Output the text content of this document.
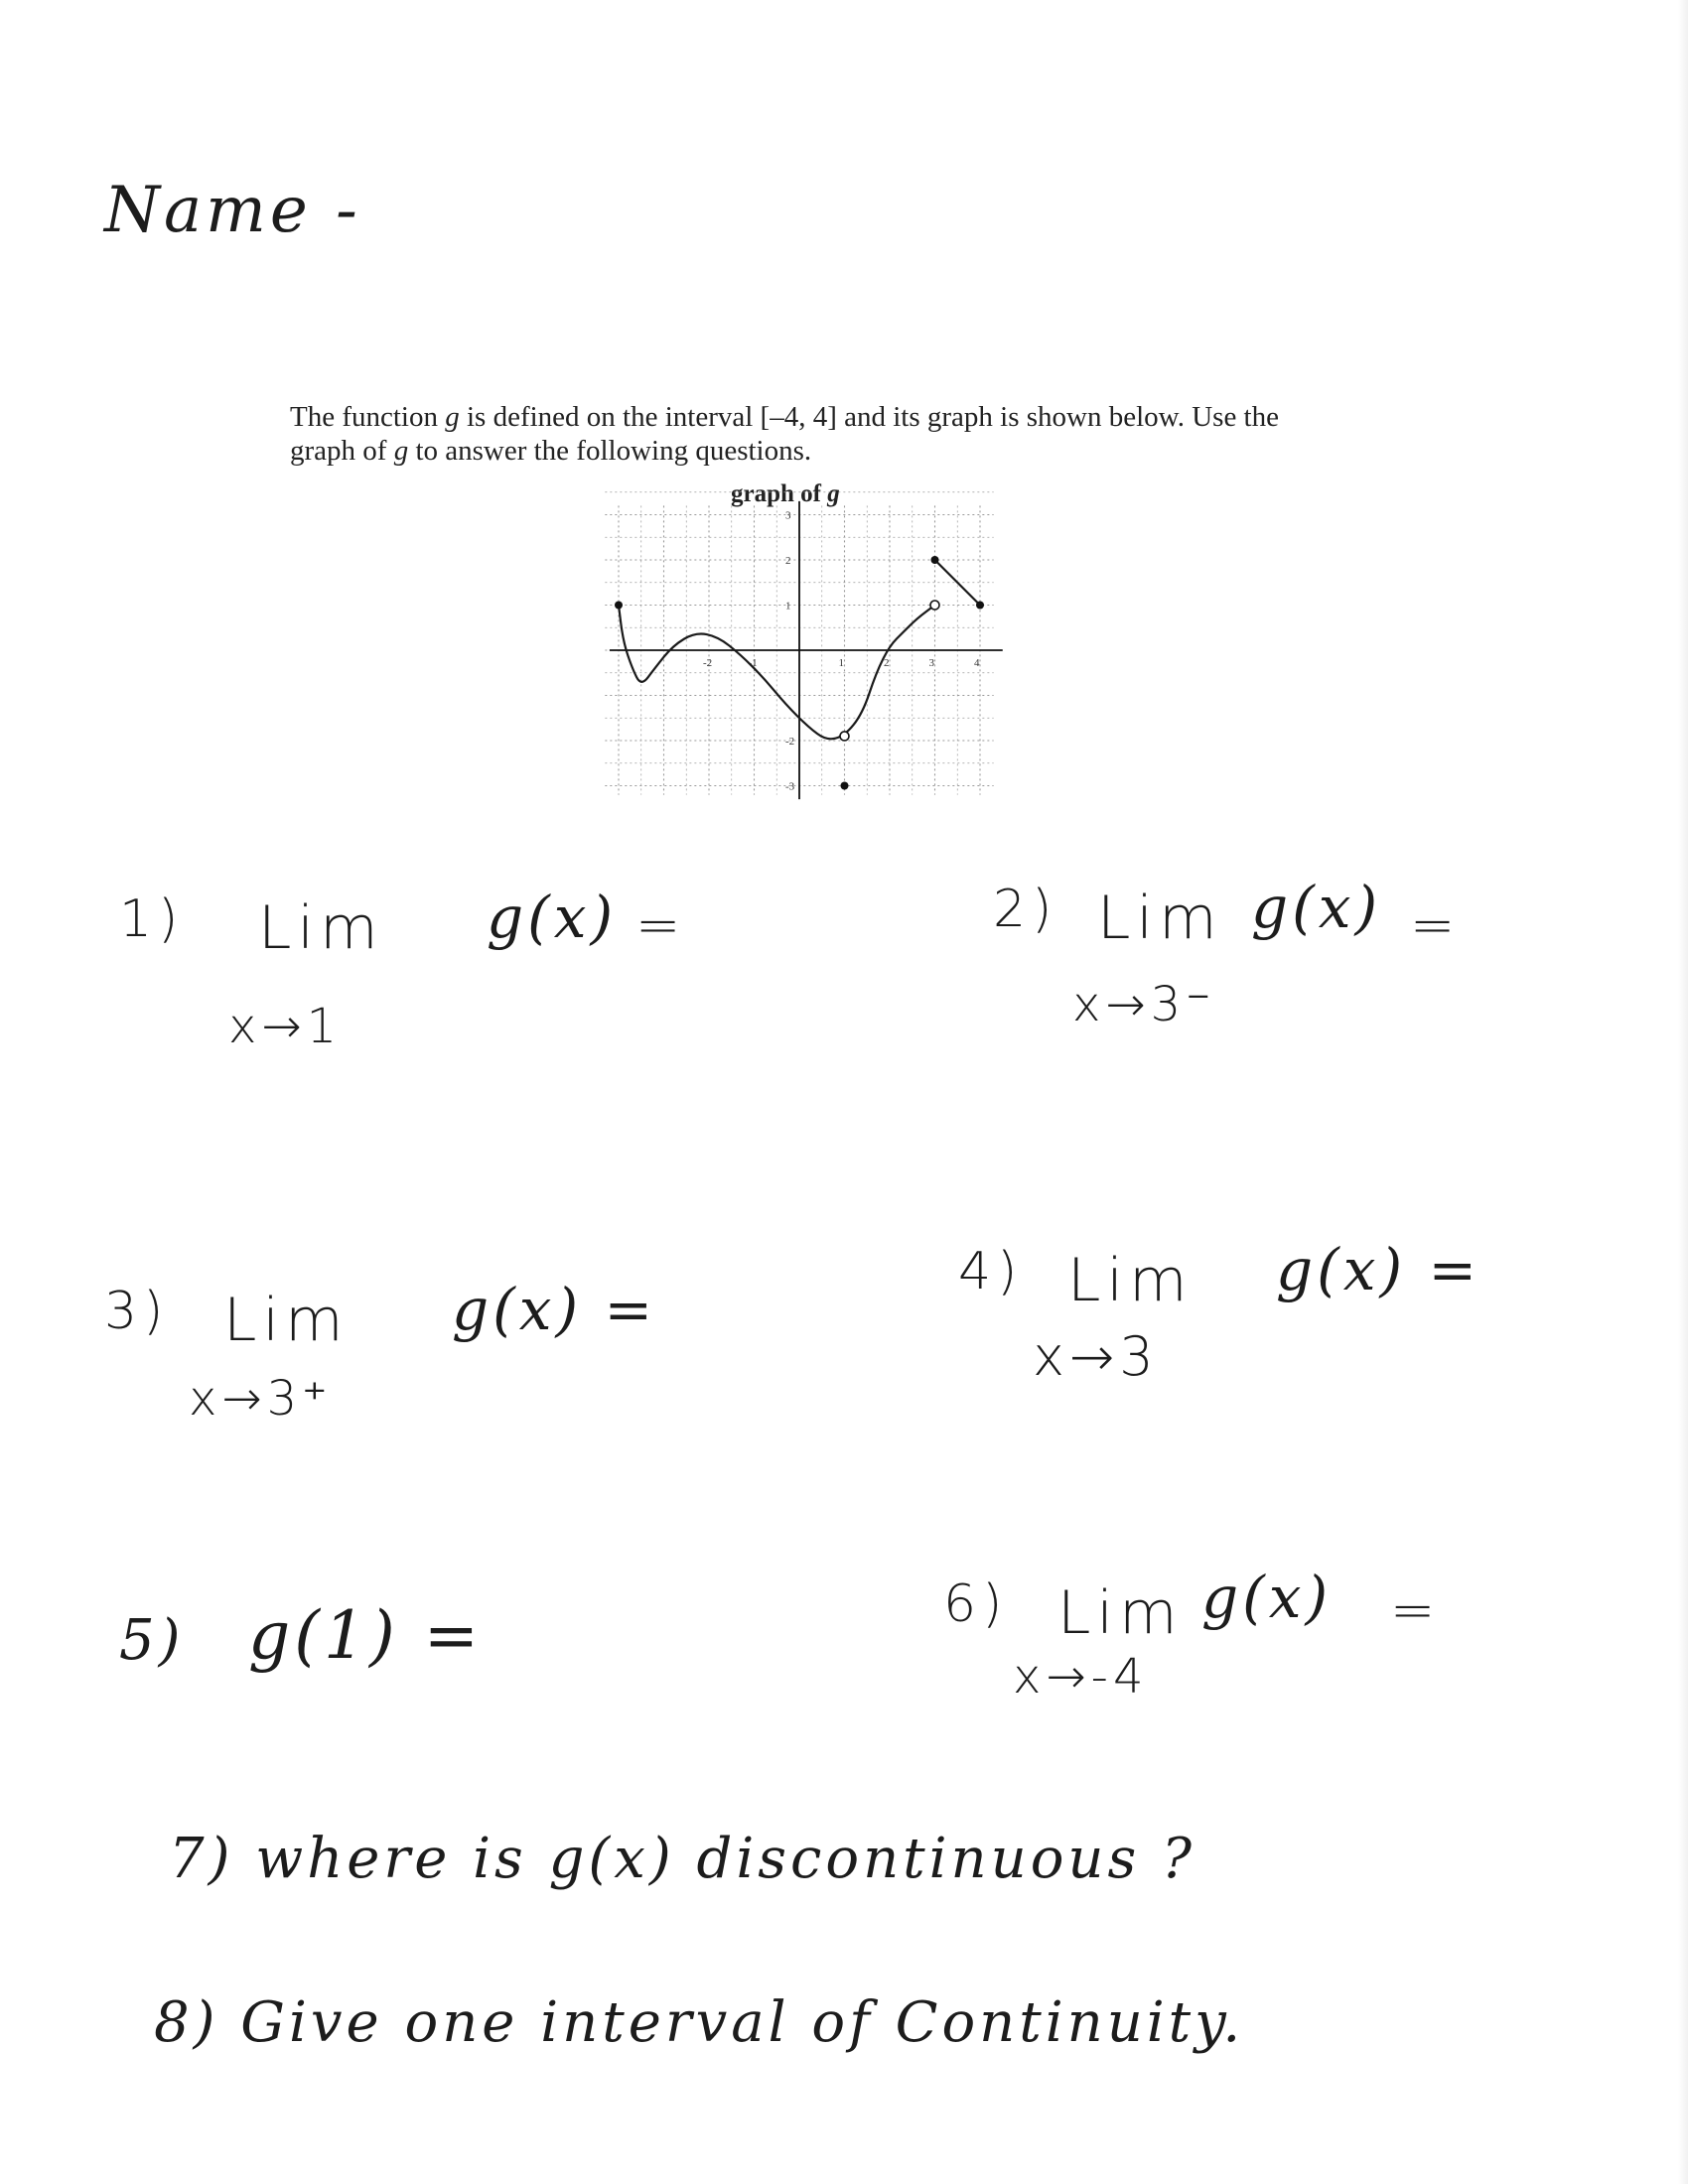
Name -
The function g is defined on the interval [–4, 4] and its graph is shown below. Use the
graph of g to answer the following questions.
graph of g
-2	-1	1	2	3	4
3
2
1
-2
-3
1) Lim g(x) =
x→1
2) Lim g(x) =
x→3⁻
3) Lim g(x) =
x→3⁺
4) Lim g(x) =
x→3
5) g(1) =	6) Lim g(x) =
x→-4
7) where is g(x) discontinuous ?
8) Give one interval of Continuity.
